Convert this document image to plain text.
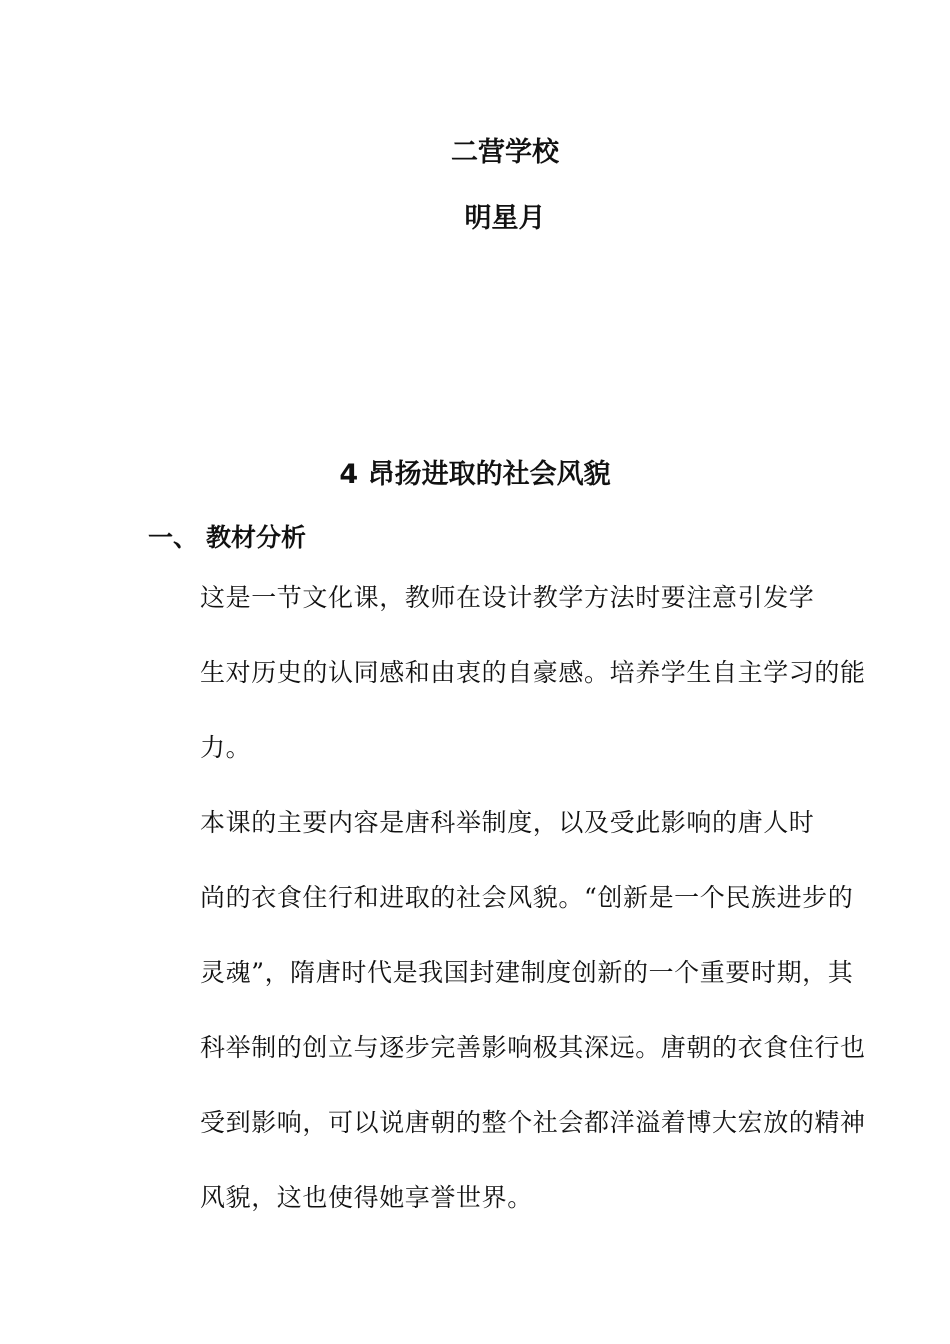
二营学校
明星月
4 昂扬进取的社会风貌
一、 教材分析

这是一节文化课，教师在设计教学方法时要注意引发学
生对历史的认同感和由衷的自豪感。培养学生自主学习的能
力。

本课的主要内容是唐科举制度，以及受此影响的唐人时
尚的衣食住行和进取的社会风貌。“创新是一个民族进步的
灵魂”，隋唐时代是我国封建制度创新的一个重要时期，其
科举制的创立与逐步完善影响极其深远。唐朝的衣食住行也
受到影响，可以说唐朝的整个社会都洋溢着博大宏放的精神
风貌，这也使得她享誉世界。
